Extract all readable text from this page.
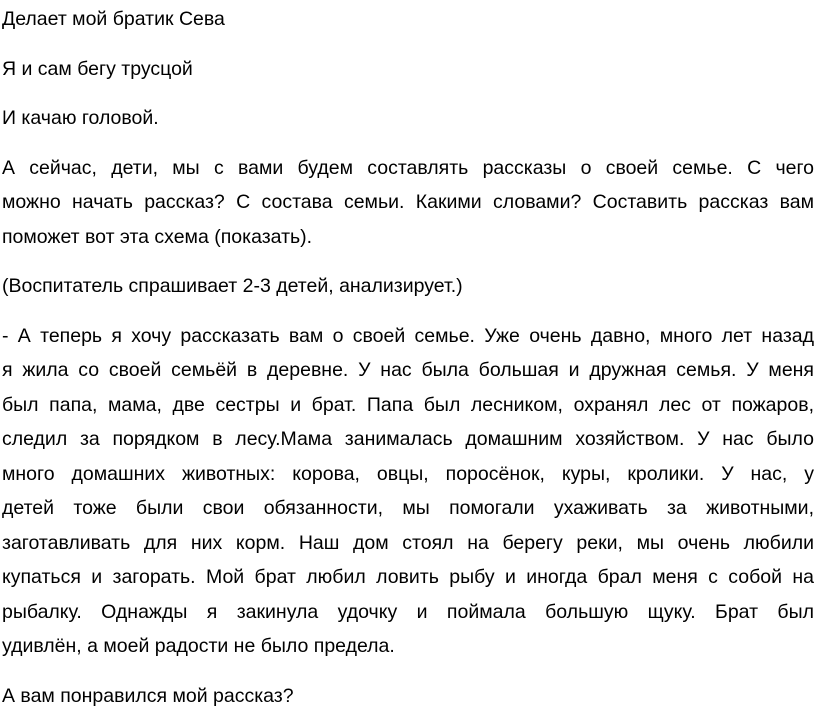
Делает мой братик Сева

Я и сам бегу трусцой

И качаю головой.

А сейчас, дети, мы с вами будем составлять рассказы о своей семье. С чего
можно начать рассказ? С состава семьи. Какими словами? Составить рассказ вам
поможет вот эта схема (показать).

(Воспитатель спрашивает 2-3 детей, анализирует.)

- А теперь я хочу рассказать вам о своей семье. Уже очень давно, много лет назад
я жила со своей семьёй в деревне. У нас была большая и дружная семья. У меня
был папа, мама, две сестры и брат. Папа был лесником, охранял лес от пожаров,
следил за порядком в лесу.Мама занималась домашним хозяйством. У нас было
много домашних животных: корова, овцы, поросёнок, куры, кролики. У нас, у
детей тоже были свои обязанности, мы помогали ухаживать за животными,
заготавливать для них корм. Наш дом стоял на берегу реки, мы очень любили
купаться и загорать. Мой брат любил ловить рыбу и иногда брал меня с собой на
рыбалку. Однажды я закинула удочку и поймала большую щуку. Брат был
удивлён, а моей радости не было предела.

А вам понравился мой рассказ?
